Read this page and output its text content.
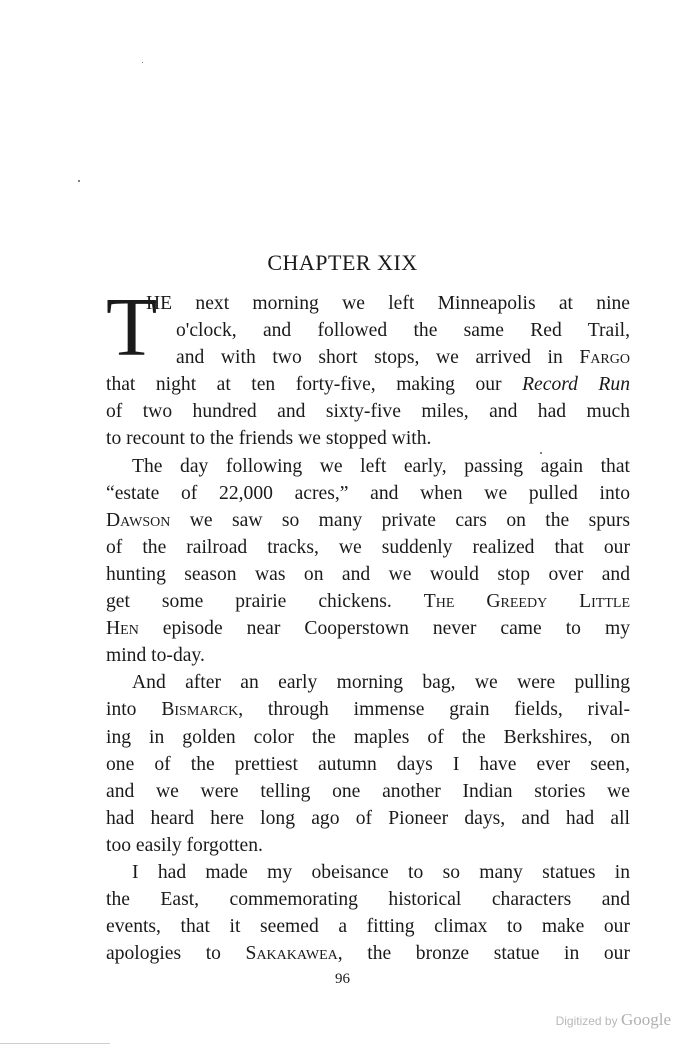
CHAPTER XIX
T
HE next morning we left Minneapolis at nine
o'clock, and followed the same Red Trail,
and with two short stops, we arrived in Fargo
that night at ten forty-five, making our Record Run
of two hundred and sixty-five miles, and had much
to recount to the friends we stopped with.
The day following we left early, passing again that
“estate of 22,000 acres,” and when we pulled into
Dawson we saw so many private cars on the spurs
of the railroad tracks, we suddenly realized that our
hunting season was on and we would stop over and
get some prairie chickens. The Greedy Little
Hen episode near Cooperstown never came to my
mind to-day.
And after an early morning bag, we were pulling
into Bismarck, through immense grain fields, rival-
ing in golden color the maples of the Berkshires, on
one of the prettiest autumn days I have ever seen,
and we were telling one another Indian stories we
had heard here long ago of Pioneer days, and had all
too easily forgotten.
I had made my obeisance to so many statues in
the East, commemorating historical characters and
events, that it seemed a fitting climax to make our
apologies to Sakakawea, the bronze statue in our
96
Digitized by Google
